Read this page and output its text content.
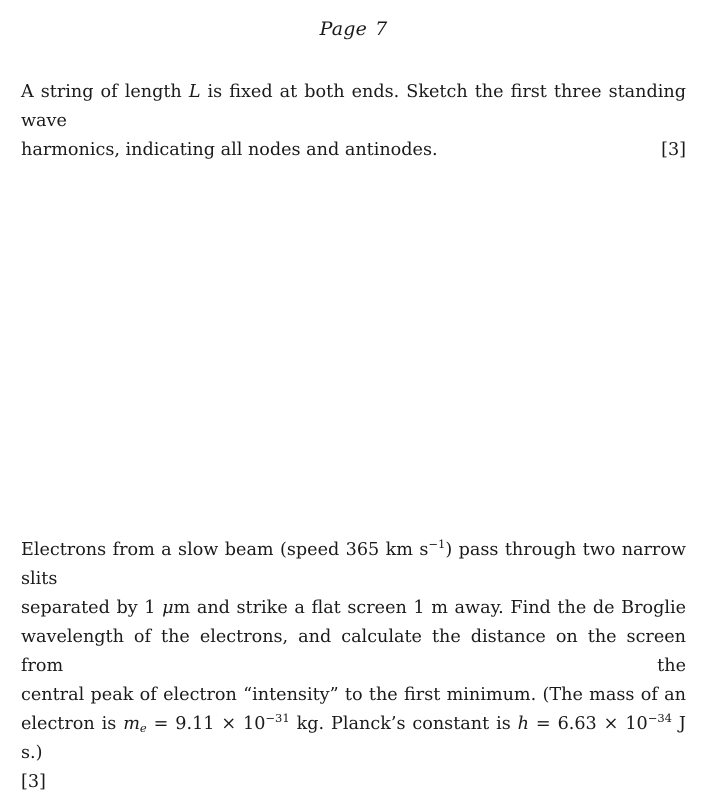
Page 7
A string of length L is fixed at both ends. Sketch the first three standing wave
harmonics, indicating all nodes and antinodes.	[3]
Electrons from a slow beam (speed 365 km $s^{-1}$) pass through two narrow slits
separated by 1 μm and strike a flat screen 1 m away. Find the de Broglie
wavelength of the electrons, and calculate the distance on the screen from the
central peak of electron “intensity” to the first minimum. (The mass of an
electron is $m_e = 9.11 \times 10^{-31}$ kg. Planck’s constant is $h = 6.63 \times 10^{-34}$ J s.)
[3]
